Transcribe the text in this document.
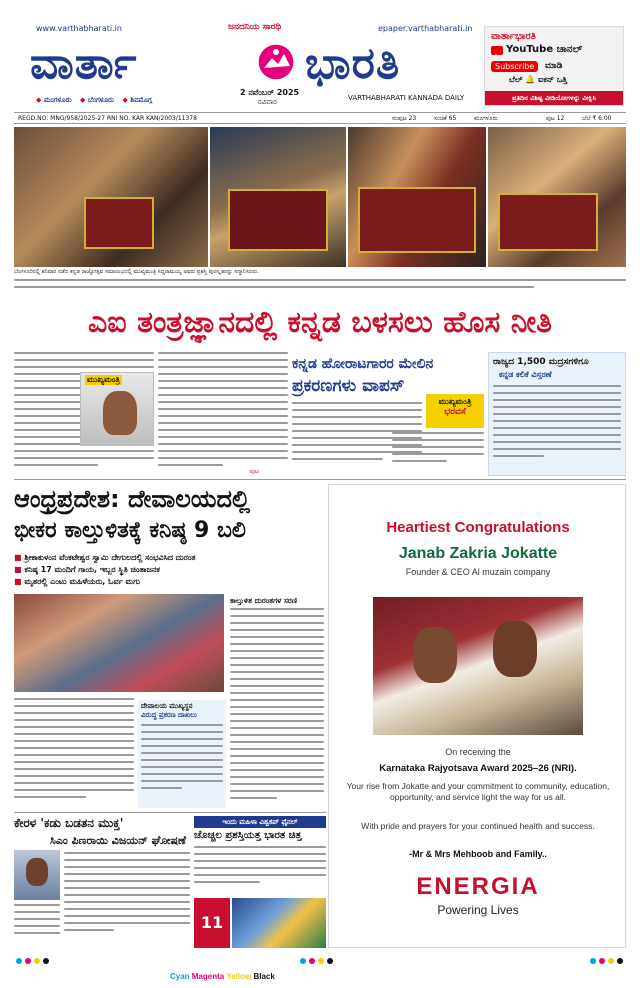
www.varthabharati.in	ಜನದನಿಯ ಸಾರಥಿ	epaper.varthabharati.in
ವಾರ್ತಾ	ಭಾರತಿ
◆ ಮಂಗಳೂರು ◆ ಬೆಂಗಳೂರು ◆ ಶಿವಮೊಗ್ಗ
2 ನವೆಂಬರ್ 2025
ರವಿವಾರ	VARTHABHARATI KANNADA DAILY
ವಾರ್ತಾಭಾರತಿ
YouTube ಚಾನಲ್
Subscribe	ಮಾಡಿ
ಬೆಲ್ 🔔 ಐಕನ್ ಒತ್ತಿ
ಪ್ರತಿದಿನ ವಿಶಿಷ್ಟ ವೀಡಿಯೋಗಳನ್ನು ವೀಕ್ಷಿಸಿ
REGD.NO: MNG/958/2025-27 RNI NO. KAR KAN/2003/11378	ಸಂಪುಟ 23	ಸಂಚಿಕೆ 65	ಮಂಗಳೂರು	ಪುಟ 12	ಬೆಲೆ ₹ 6.00
ಬೆಂಗಳೂರಿನಲ್ಲಿ ಶನಿವಾರ ನಡೆದ ಕನ್ನಡ ರಾಜ್ಯೋತ್ಸವ ಸಮಾರಂಭದಲ್ಲಿ ಮುಖ್ಯಮಂತ್ರಿ ಸಿದ್ದರಾಮಯ್ಯ ಅವರು ಪ್ರಶಸ್ತಿ ಪುರಸ್ಕೃತರನ್ನು ಸನ್ಮಾನಿಸಿದರು.
ಎಐ ತಂತ್ರಜ್ಞಾನದಲ್ಲಿ ಕನ್ನಡ ಬಳಸಲು ಹೊಸ ನೀತಿ
ಮುಖ್ಯಮಂತ್ರಿ
ಪುಟ
ಕನ್ನಡ ಹೋರಾಟಗಾರರ ಮೇಲಿನ
ಪ್ರಕರಣಗಳು ವಾಪಸ್
ಮುಖ್ಯಮಂತ್ರಿ
ಭರವಸೆ
ರಾಜ್ಯದ 1,500 ಮದ್ರಸಗಳಿಗೂ
ಕನ್ನಡ ಕಲಿಕೆ ವಿಸ್ತರಣೆ
ಆಂಧ್ರಪ್ರದೇಶ: ದೇವಾಲಯದಲ್ಲಿ
ಭೀಕರ ಕಾಲ್ತುಳಿತಕ್ಕೆ ಕನಿಷ್ಠ 9 ಬಲಿ
■ ಶ್ರೀಕಾಕುಳಂನ ವೆಂಕಟೇಶ್ವರ ಸ್ವಾಮಿ ದೇಗುಲದಲ್ಲಿ ಸಂಭವಿಸಿದ ದುರಂತ
■ ಕನಿಷ್ಠ 17 ಮಂದಿಗೆ ಗಾಯ, ಇಬ್ಬರ ಸ್ಥಿತಿ ಚಿಂತಾಜನಕ
■ ಮೃತರಲ್ಲಿ ಎಂಟು ಮಹಿಳೆಯರು, ಓರ್ವ ಮಗು
ಕಾಲ್ತುಳಿತ ದುರಂತಗಳ ಸರಣಿ
ದೇವಾಲಯ ಮುಖ್ಯಸ್ಥನ
ವಿರುದ್ಧ ಪ್ರಕರಣ ದಾಖಲು
ಕೇರಳ 'ಕಡು ಬಡತನ ಮುಕ್ತ'
ಸಿಎಂ ಪಿಣರಾಯಿ ವಿಜಯನ್ ಘೋಷಣೆ
ಇಂದು ಮಹಿಳಾ ವಿಶ್ವಕಪ್ ಫೈನಲ್
ಚೊಚ್ಚಲ ಪ್ರಶಸ್ತಿಯತ್ತ ಭಾರತ ಚಿತ್ತ
11
Heartiest Congratulations
Janab Zakria Jokatte
Founder & CEO Al muzain company
On receiving the
Karnataka Rajyotsava Award 2025–26 (NRI).
Your rise from Jokatte and your commitment to community, education, opportunity, and service light the way for us all.
With pride and prayers for your continued health and success.
-Mr & Mrs Mehboob and Family..
ENERGIA
Powering Lives
Cyan Magenta Yellow Black
